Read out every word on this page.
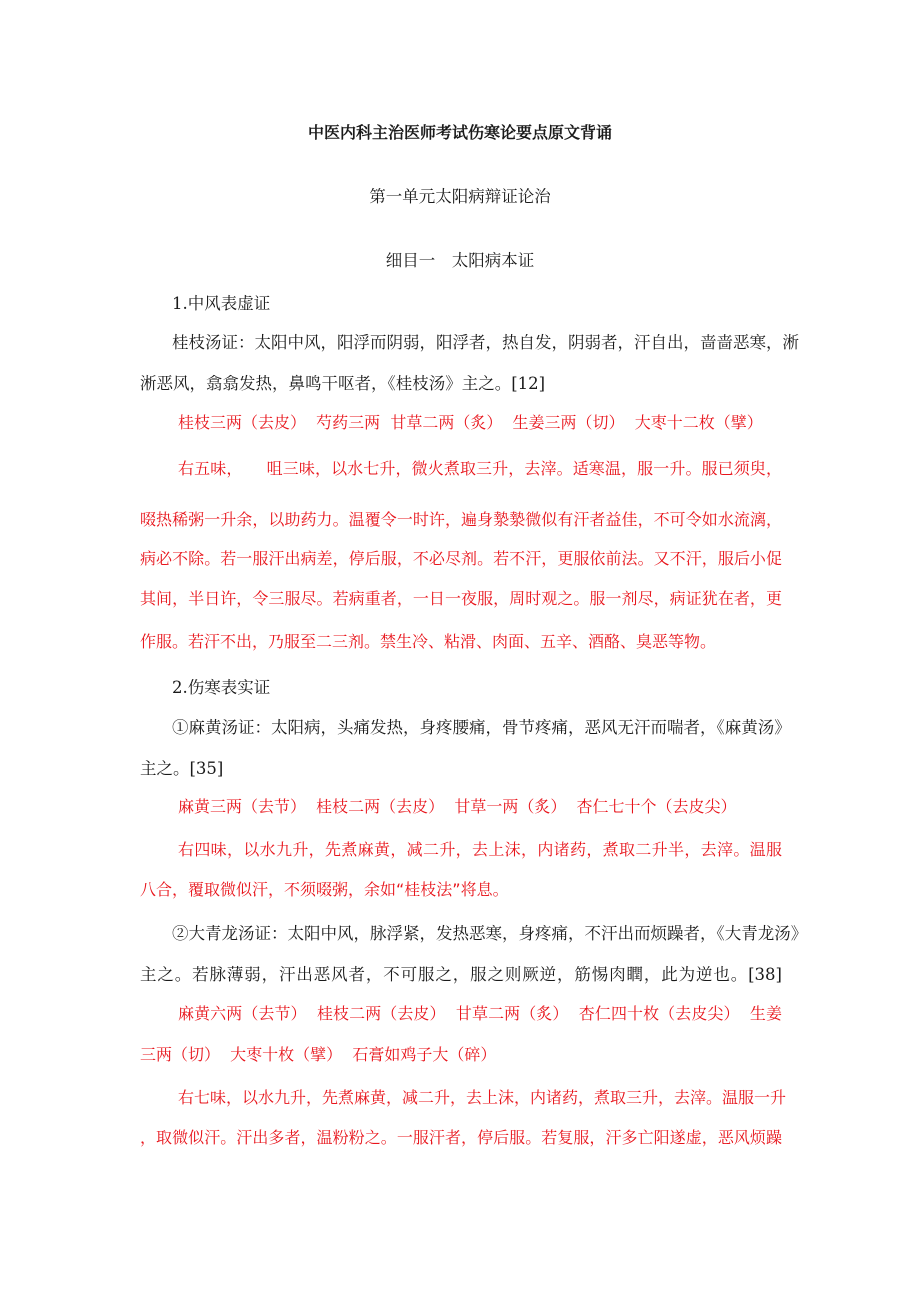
中医内科主治医师考试伤寒论要点原文背诵
第一单元太阳病辩证论治
细目一　太阳病本证
1.中风表虚证
桂枝汤证：太阳中风，阳浮而阴弱，阳浮者，热自发，阴弱者，汗自出，啬啬恶寒，淅
淅恶风，翕翕发热，鼻鸣干呕者，《桂枝汤》主之。[12]
桂枝三两（去皮）  芍药三两  甘草二两（炙）  生姜三两（切）  大枣十二枚（擘）
右五味，　　咀三味，以水七升，微火煮取三升，去滓。适寒温，服一升。服已须臾，
啜热稀粥一升余，以助药力。温覆令一时许，遍身漐漐微似有汗者益佳，不可令如水流漓，
病必不除。若一服汗出病差，停后服，不必尽剂。若不汗，更服依前法。又不汗，服后小促
其间，半日许，令三服尽。若病重者，一日一夜服，周时观之。服一剂尽，病证犹在者，更
作服。若汗不出，乃服至二三剂。禁生冷、粘滑、肉面、五辛、酒酪、臭恶等物。
2.伤寒表实证
①麻黄汤证：太阳病，头痛发热，身疼腰痛，骨节疼痛，恶风无汗而喘者，《麻黄汤》
主之。[35]
麻黄三两（去节）  桂枝二两（去皮）  甘草一两（炙）  杏仁七十个（去皮尖）
右四味，以水九升，先煮麻黄，减二升，去上沫，内诸药，煮取二升半，去滓。温服
八合，覆取微似汗，不须啜粥，余如“桂枝法”将息。
②大青龙汤证：太阳中风，脉浮紧，发热恶寒，身疼痛，不汗出而烦躁者，《大青龙汤》
主之。若脉薄弱，汗出恶风者，不可服之，服之则厥逆，筋惕肉瞤，此为逆也。[38]
麻黄六两（去节）  桂枝二两（去皮）  甘草二两（炙）  杏仁四十枚（去皮尖）  生姜
三两（切）  大枣十枚（擘）  石膏如鸡子大（碎）
右七味，以水九升，先煮麻黄，减二升，去上沫，内诸药，煮取三升，去滓。温服一升
，取微似汗。汗出多者，温粉粉之。一服汗者，停后服。若复服，汗多亡阳遂虚，恶风烦躁
